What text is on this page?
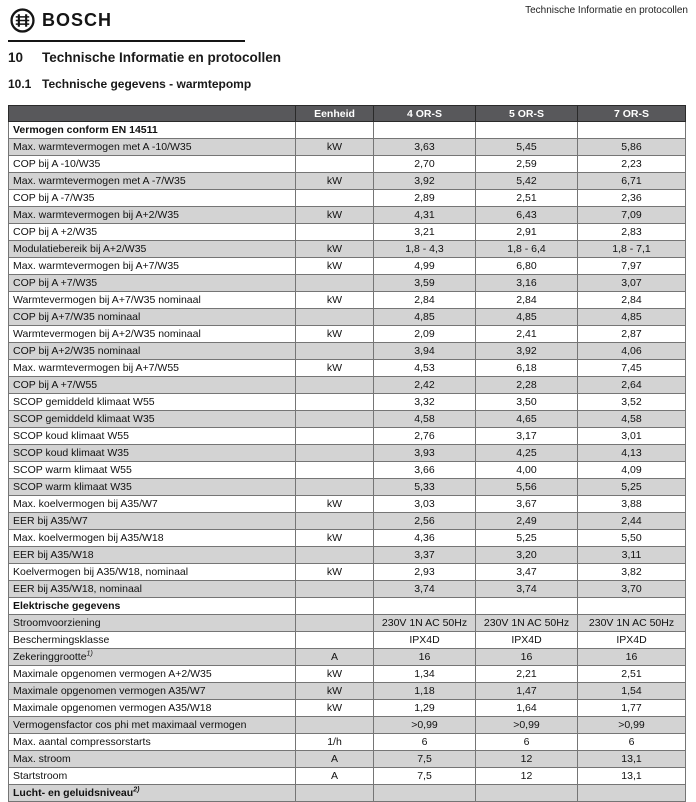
BOSCH	Technische Informatie en protocollen
10	Technische Informatie en protocollen
10.1 Technische gegevens - warmtepomp
	Eenheid	4 OR-S	5 OR-S	7 OR-S
Vermogen conform EN 14511				
Max. warmtevermogen met A -10/W35	kW	3,63	5,45	5,86
COP bij A -10/W35		2,70	2,59	2,23
Max. warmtevermogen met A -7/W35	kW	3,92	5,42	6,71
COP bij A -7/W35		2,89	2,51	2,36
Max. warmtevermogen bij A+2/W35	kW	4,31	6,43	7,09
COP bij A +2/W35		3,21	2,91	2,83
Modulatiebereik bij A+2/W35	kW	1,8 - 4,3	1,8 - 6,4	1,8 - 7,1
Max. warmtevermogen bij A+7/W35	kW	4,99	6,80	7,97
COP bij A +7/W35		3,59	3,16	3,07
Warmtevermogen bij A+7/W35 nominaal	kW	2,84	2,84	2,84
COP bij A+7/W35 nominaal		4,85	4,85	4,85
Warmtevermogen bij A+2/W35 nominaal	kW	2,09	2,41	2,87
COP bij A+2/W35 nominaal		3,94	3,92	4,06
Max. warmtevermogen bij A+7/W55	kW	4,53	6,18	7,45
COP bij A +7/W55		2,42	2,28	2,64
SCOP gemiddeld klimaat W55		3,32	3,50	3,52
SCOP gemiddeld klimaat W35		4,58	4,65	4,58
SCOP koud klimaat W55		2,76	3,17	3,01
SCOP koud klimaat W35		3,93	4,25	4,13
SCOP warm klimaat W55		3,66	4,00	4,09
SCOP warm klimaat W35		5,33	5,56	5,25
Max. koelvermogen bij A35/W7	kW	3,03	3,67	3,88
EER bij A35/W7		2,56	2,49	2,44
Max. koelvermogen bij A35/W18	kW	4,36	5,25	5,50
EER bij A35/W18		3,37	3,20	3,11
Koelvermogen bij A35/W18, nominaal	kW	2,93	3,47	3,82
EER bij A35/W18, nominaal		3,74	3,74	3,70
Elektrische gegevens				
Stroomvoorziening		230V 1N AC 50Hz	230V 1N AC 50Hz	230V 1N AC 50Hz
Beschermingsklasse		IPX4D	IPX4D	IPX4D
Zekeringgrootte$^{1)}$	A	16	16	16
Maximale opgenomen vermogen A+2/W35	kW	1,34	2,21	2,51
Maximale opgenomen vermogen A35/W7	kW	1,18	1,47	1,54
Maximale opgenomen vermogen A35/W18	kW	1,29	1,64	1,77
Vermogensfactor cos phi met maximaal vermogen		>0,99	>0,99	>0,99
Max. aantal compressorstarts	1/h	6	6	6
Max. stroom	A	7,5	12	13,1
Startstroom	A	7,5	12	13,1
Lucht- en geluidsniveau$^{2)}$				
